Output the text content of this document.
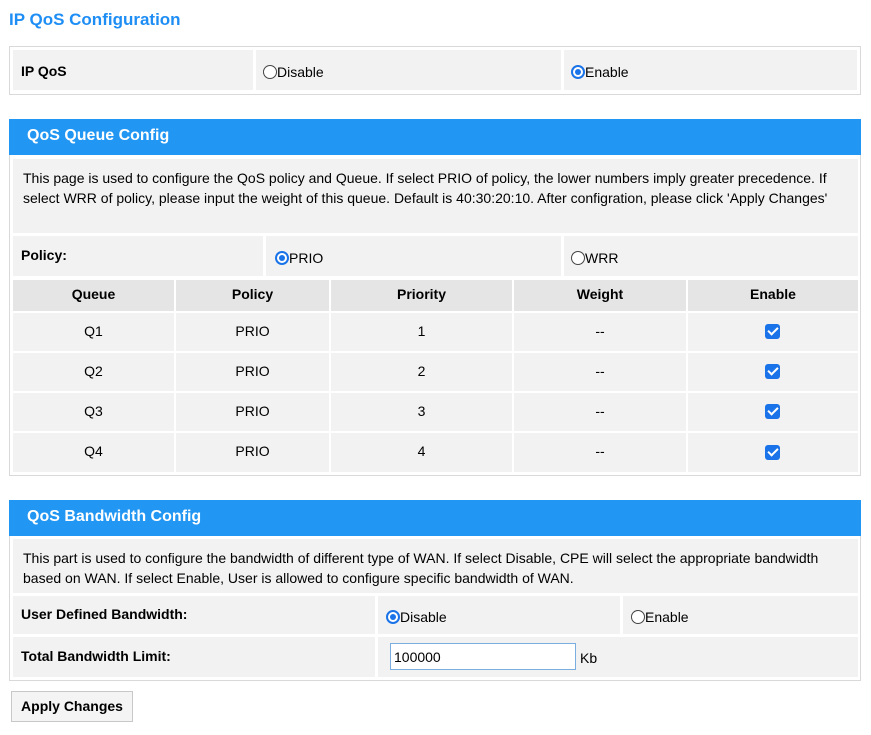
IP QoS Configuration
IP QoS	Disable	Enable
QoS Queue Config
This page is used to configure the QoS policy and Queue. If select PRIO of policy, the lower numbers imply greater precedence. If select WRR of policy, please input the weight of this queue. Default is 40:30:20:10. After configration, please click 'Apply Changes'
Policy:	PRIO	WRR
Queue	Policy	Priority	Weight	Enable
Q1	PRIO	1	--
Q2	PRIO	2	--
Q3	PRIO	3	--
Q4	PRIO	4	--
QoS Bandwidth Config
This part is used to configure the bandwidth of different type of WAN. If select Disable, CPE will select the appropriate bandwidth based on WAN. If select Enable, User is allowed to configure specific bandwidth of WAN.
User Defined Bandwidth:	Disable	Enable
Total Bandwidth Limit:
100000	Kb
Apply Changes
